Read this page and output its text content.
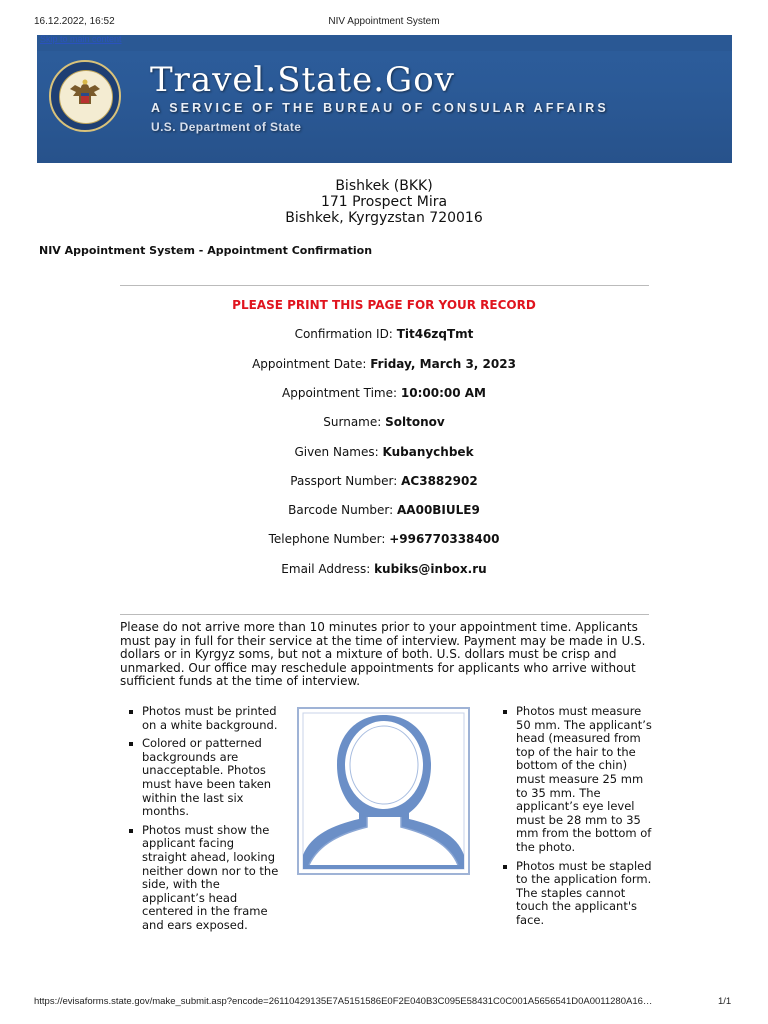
16.12.2022, 16:52	NIV Appointment System
Skip to main content
Travel.State.Gov
A SERVICE OF THE BUREAU OF CONSULAR AFFAIRS
U.S. Department of State
Bishkek (BKK)
171 Prospect Mira
Bishkek, Kyrgyzstan 720016
NIV Appointment System - Appointment Confirmation
PLEASE PRINT THIS PAGE FOR YOUR RECORD
Confirmation ID: Tit46zqTmt
Appointment Date: Friday, March 3, 2023
Appointment Time: 10:00:00 AM
Surname: Soltonov
Given Names: Kubanychbek
Passport Number: AC3882902
Barcode Number: AA00BIULE9
Telephone Number: +996770338400
Email Address: kubiks@inbox.ru
Please do not arrive more than 10 minutes prior to your appointment time. Applicants must pay in full for their service at the time of interview. Payment may be made in U.S. dollars or in Kyrgyz soms, but not a mixture of both. U.S. dollars must be crisp and unmarked. Our office may reschedule appointments for applicants who arrive without sufficient funds at the time of interview.
Photos must be printed on a white background.
Colored or patterned backgrounds are unacceptable. Photos must have been taken within the last six months.
Photos must show the applicant facing straight ahead, looking neither down nor to the side, with the applicant’s head centered in the frame and ears exposed.
Photos must measure 50 mm. The applicant’s head (measured from top of the hair to the bottom of the chin) must measure 25 mm to 35 mm. The applicant’s eye level must be 28 mm to 35 mm from the bottom of the photo.
Photos must be stapled to the application form. The staples cannot touch the applicant's face.
https://evisaforms.state.gov/make_submit.asp?encode=26110429135E7A5151586E0F2E040B3C095E58431C0C001A5656541D0A0011280A16…	1/1
